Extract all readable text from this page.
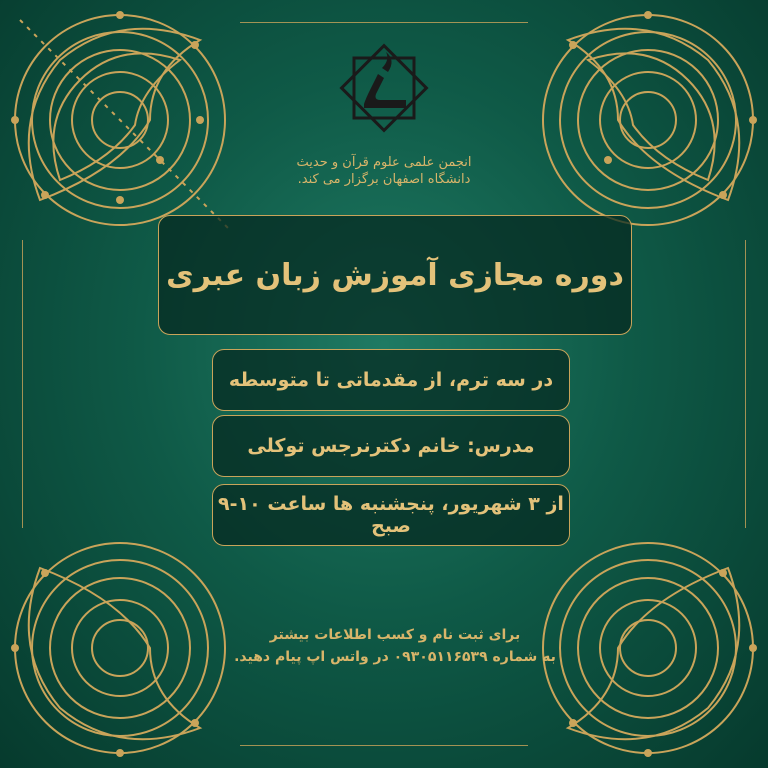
انجمن علمی علوم قرآن و حدیث
دانشگاه اصفهان برگزار می کند.
دوره مجازی آموزش زبان عبری
در سه ترم، از مقدماتی تا متوسطه
مدرس: خانم دکترنرجس توکلی
از ۳ شهریور، پنجشنبه ها ساعت ۱۰-۹ صبح
برای ثبت نام و کسب اطلاعات بیشتر
به شماره ۰۹۳۰۵۱۱۶۵۳۹ در واتس اپ پیام دهید.
